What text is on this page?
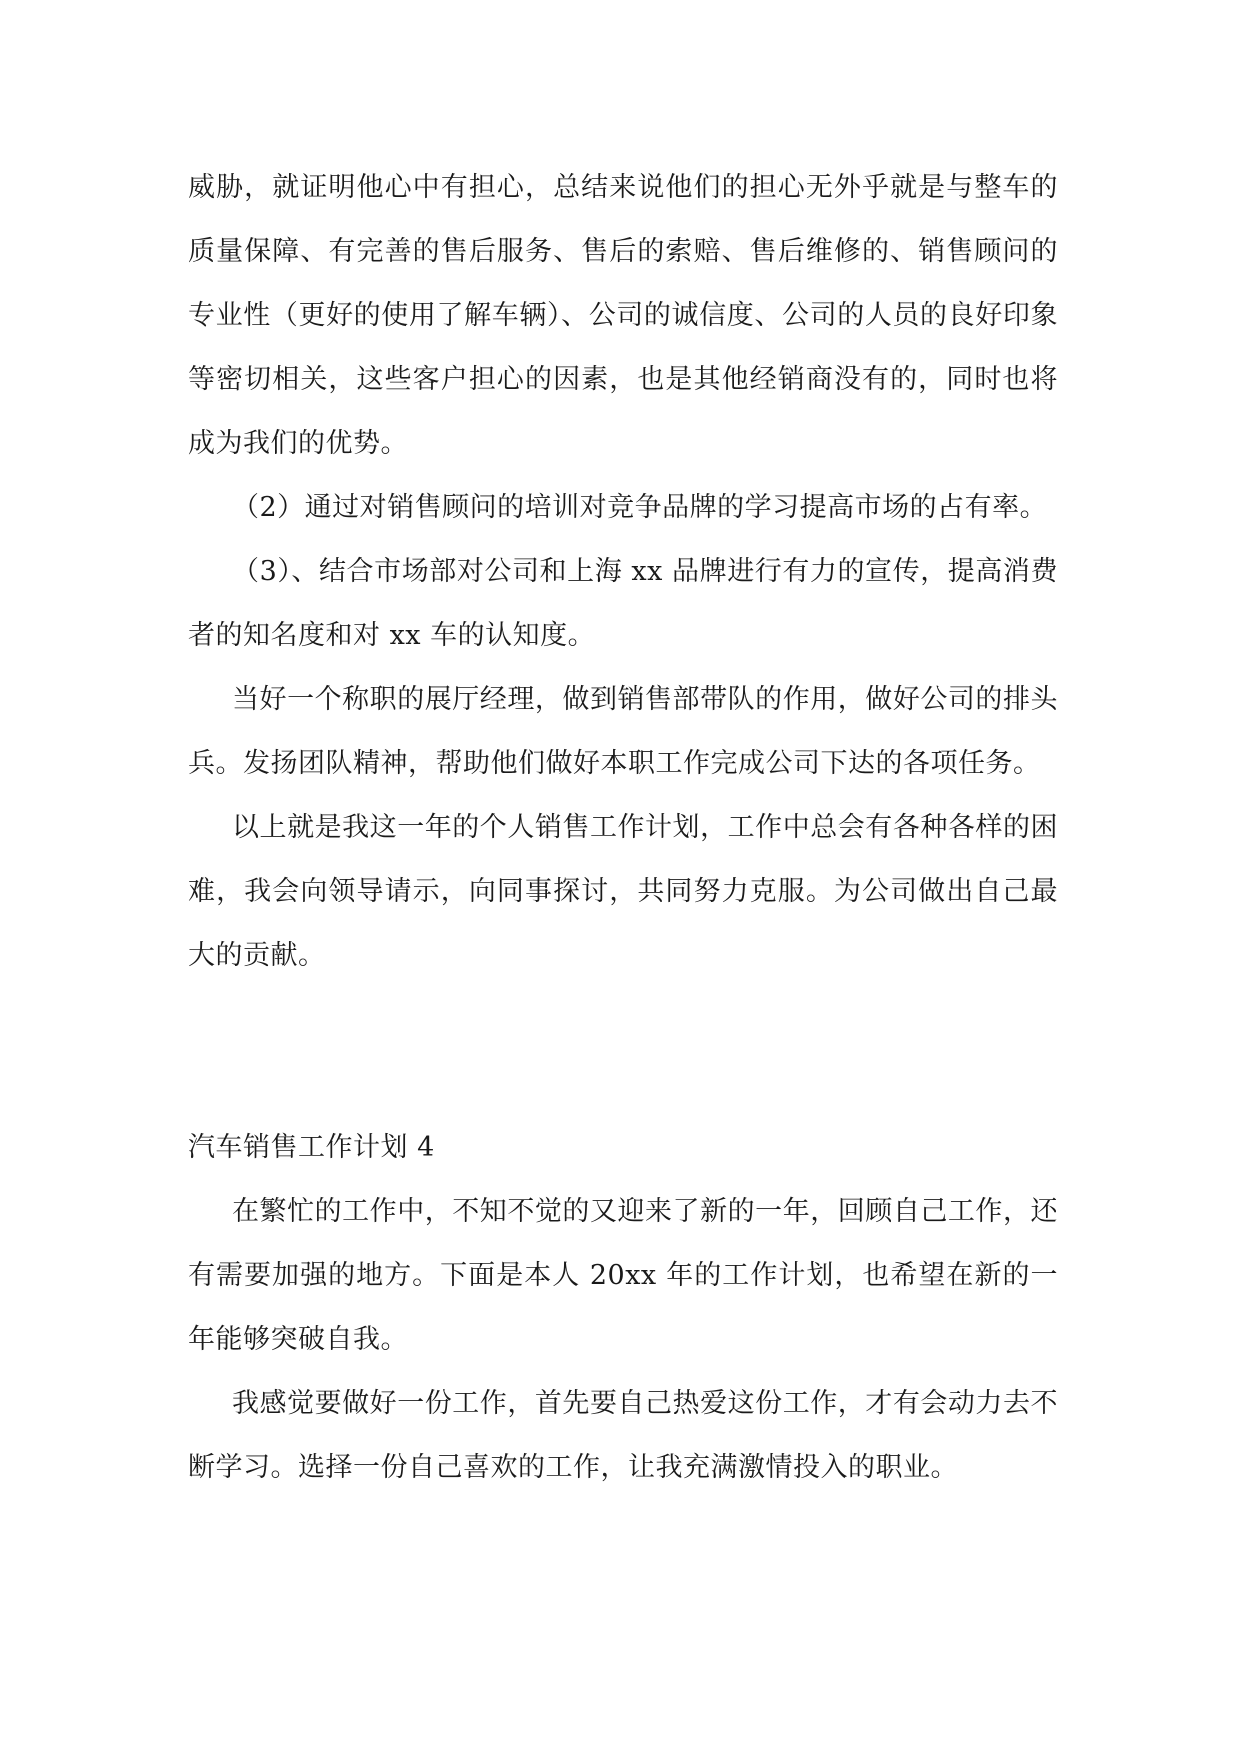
威胁，就证明他心中有担心，总结来说他们的担心无外乎就是与整车的质量保障、有完善的售后服务、售后的索赔、售后维修的、销售顾问的专业性（更好的使用了解车辆）、公司的诚信度、公司的人员的良好印象等密切相关，这些客户担心的因素，也是其他经销商没有的，同时也将成为我们的优势。

（2）通过对销售顾问的培训对竞争品牌的学习提高市场的占有率。

（3）、结合市场部对公司和上海 xx 品牌进行有力的宣传，提高消费者的知名度和对 xx 车的认知度。

当好一个称职的展厅经理，做到销售部带队的作用，做好公司的排头兵。发扬团队精神，帮助他们做好本职工作完成公司下达的各项任务。

以上就是我这一年的个人销售工作计划，工作中总会有各种各样的困难，我会向领导请示，向同事探讨，共同努力克服。为公司做出自己最大的贡献。

汽车销售工作计划 4

在繁忙的工作中，不知不觉的又迎来了新的一年，回顾自己工作，还有需要加强的地方。下面是本人 20xx 年的工作计划，也希望在新的一年能够突破自我。

我感觉要做好一份工作，首先要自己热爱这份工作，才有会动力去不断学习。选择一份自己喜欢的工作，让我充满激情投入的职业。
